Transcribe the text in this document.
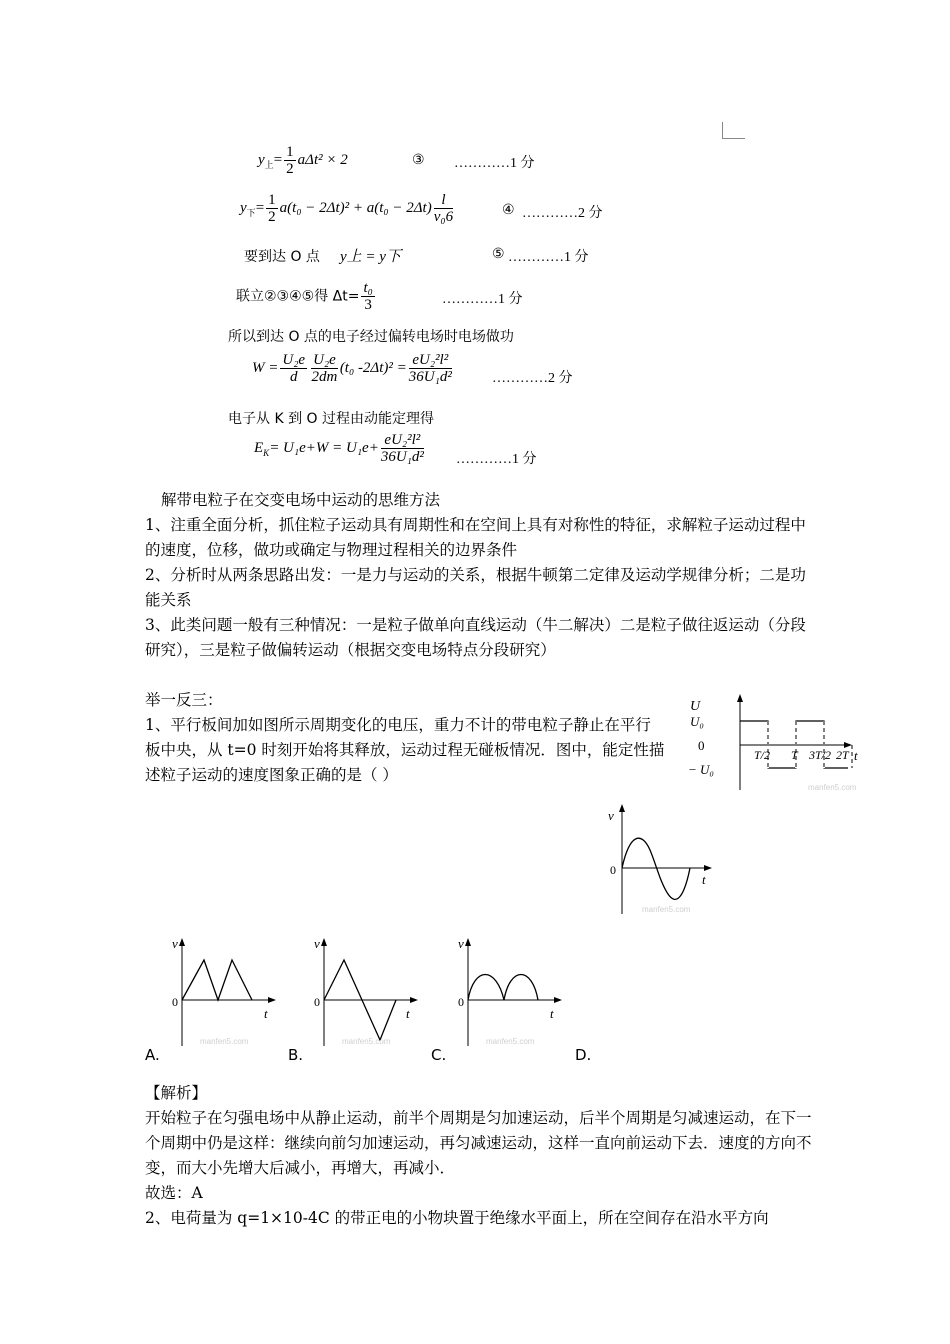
$y_上= \frac{1}{2} a\Delta t^2 \times 2$	③ …………1 分
$y_下= \frac{1}{2} a(t_0 - 2\Delta t)^2 + a(t_0 - 2\Delta t) \frac{l}{\text{v₀6}}$	④ …………2 分
要到达 O 点 y上 = y下	⑤ …………1 分
联立②③④⑤得 $\Delta t= \frac{\text{t₀}}{3}$	…………1 分
所以到达 O 点的电子经过偏转电场时电场做功
$W = \frac{\text{U₂e}}{d} \frac{\text{U₂e}}{2dm} (t_0$ $-2\Delta t)^2 = \frac{\text{eU₂²l²}}{\text{36U₁d²}}$	…………2 分
电子从 K 到 O 过程由动能定理得
$E_K= U_1e+W = U_1e+ \frac{\text{eU₂²l²}}{\text{36U₁d²}}$ …………1 分
解带电粒子在交变电场中运动的思维方法
1、注重全面分析，抓住粒子运动具有周期性和在空间上具有对称性的特征，求解粒子运动过程中的速度，位移，做功或确定与物理过程相关的边界条件
2、分析时从两条思路出发：一是力与运动的关系，根据牛顿第二定律及运动学规律分析；二是功能关系
3、此类问题一般有三种情况：一是粒子做单向直线运动（牛二解决）二是粒子做往返运动（分段研究），三是粒子做偏转运动（根据交变电场特点分段研究）
举一反三：
1、平行板间加如图所示周期变化的电压，重力不计的带电粒子静止在平行板中央，从 t=0 时刻开始将其释放，运动过程无碰板情况．图中，能定性描述粒子运动的速度图象正确的是（ ）
U
U₀
0
− U₀
t
T/2 T 3T/2 2T
manfen5.com
v
0
t
manfen5.com
v
0
t
manfen5.com
v
0
t
manfen5.com
v
0
t
manfen5.com
A.	B.	C.	D.
【解析】
开始粒子在匀强电场中从静止运动，前半个周期是匀加速运动，后半个周期是匀减速运动，在下一个周期中仍是这样：继续向前匀加速运动，再匀减速运动，这样一直向前运动下去．速度的方向不变，而大小先增大后减小，再增大，再减小．
故选：A
2、电荷量为 q=1×10-4C 的带正电的小物块置于绝缘水平面上，所在空间存在沿水平方向
